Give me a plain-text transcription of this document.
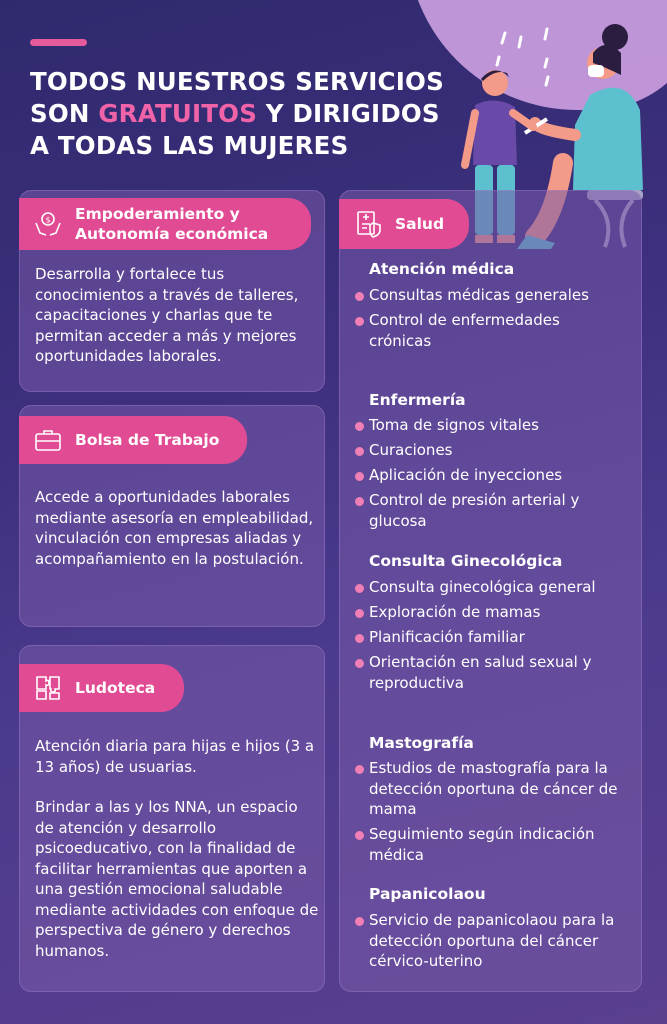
TODOS NUESTROS SERVICIOS
SON GRATUITOS Y DIRIGIDOS
A TODAS LAS MUJERES
$ Empoderamiento y
Autonomía económica
Desarrolla y fortalece tus conocimientos a través de talleres, capacitaciones y charlas que te permitan acceder a más y mejores oportunidades laborales.
Bolsa de Trabajo
Accede a oportunidades laborales mediante asesoría en empleabilidad, vinculación con empresas aliadas y acompañamiento en la postulación.
Ludoteca

Atención diaria para hijas e hijos (3 a 13 años) de usuarias.

Brindar a las y los NNA, un espacio de atención y desarrollo psicoeducativo, con la finalidad de facilitar herramientas que aporten a una gestión emocional saludable mediante actividades con enfoque de perspectiva de género y derechos humanos.

Salud
Atención médica
Consultas médicas generales
Control de enfermedades crónicas
Enfermería
Toma de signos vitales
Curaciones
Aplicación de inyecciones
Control de presión arterial y glucosa
Consulta Ginecológica
Consulta ginecológica general
Exploración de mamas
Planificación familiar
Orientación en salud sexual y reproductiva
Mastografía
Estudios de mastografía para la detección oportuna de cáncer de mama
Seguimiento según indicación médica
Papanicolaou
Servicio de papanicolaou para la detección oportuna del cáncer cérvico-uterino
